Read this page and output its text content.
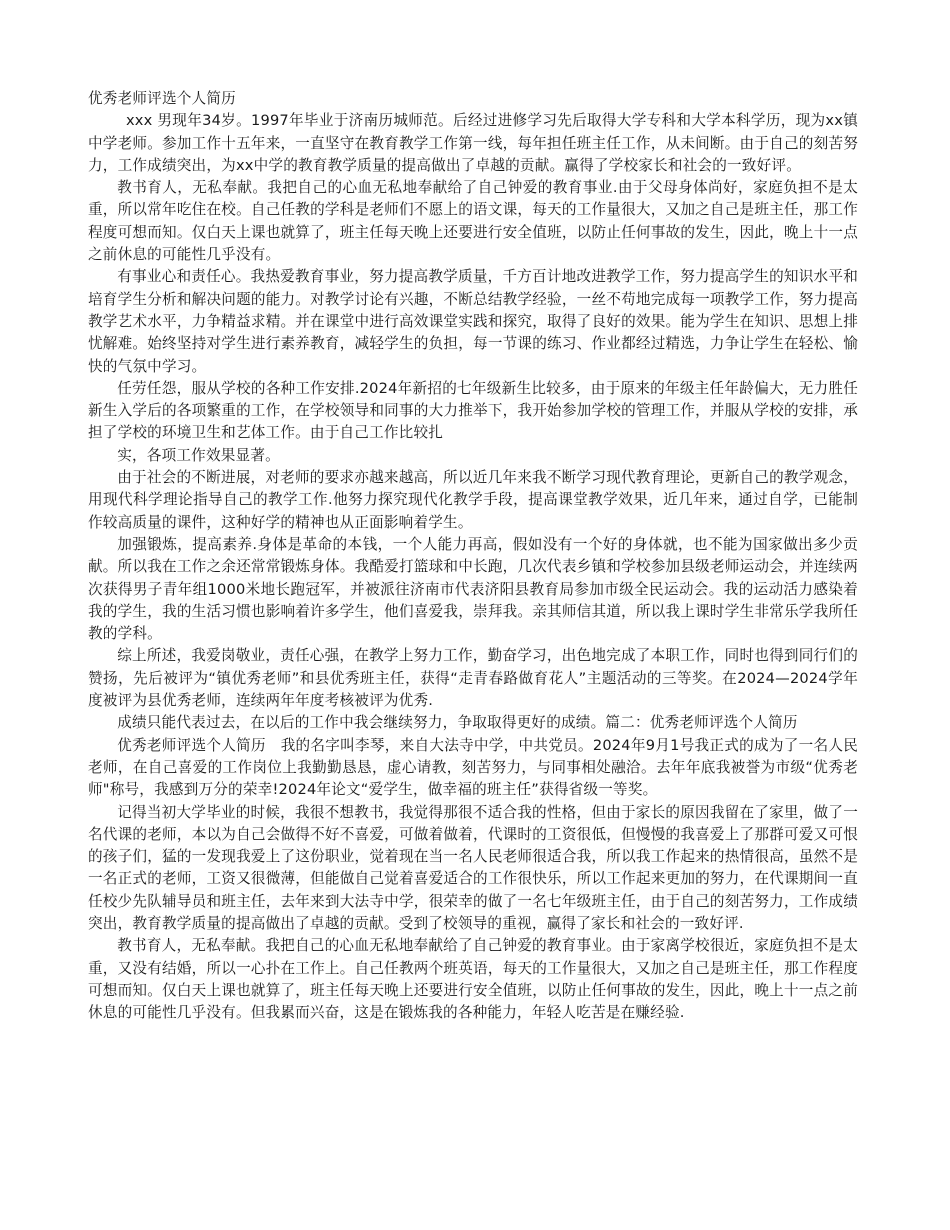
优秀老师评选个人简历

xxx 男现年34岁。1997年毕业于济南历城师范。后经过进修学习先后取得大学专科和大学本科学历，现为xx镇中学老师。参加工作十五年来，一直坚守在教育教学工作第一线，每年担任班主任工作，从未间断。由于自己的刻苦努力，工作成绩突出，为xx中学的教育教学质量的提高做出了卓越的贡献。赢得了学校家长和社会的一致好评。

教书育人，无私奉献。我把自己的心血无私地奉献给了自己钟爱的教育事业.由于父母身体尚好，家庭负担不是太重，所以常年吃住在校。自己任教的学科是老师们不愿上的语文课，每天的工作量很大，又加之自己是班主任，那工作程度可想而知。仅白天上课也就算了，班主任每天晚上还要进行安全值班，以防止任何事故的发生，因此，晚上十一点之前休息的可能性几乎没有。

有事业心和责任心。我热爱教育事业，努力提高教学质量，千方百计地改进教学工作，努力提高学生的知识水平和培育学生分析和解决问题的能力。对教学讨论有兴趣，不断总结教学经验，一丝不苟地完成每一项教学工作，努力提高教学艺术水平，力争精益求精。并在课堂中进行高效课堂实践和探究，取得了良好的效果。能为学生在知识、思想上排忧解难。始终坚持对学生进行素养教育，减轻学生的负担，每一节课的练习、作业都经过精选，力争让学生在轻松、愉快的气氛中学习。

任劳任怨，服从学校的各种工作安排.2024年新招的七年级新生比较多，由于原来的年级主任年龄偏大，无力胜任新生入学后的各项繁重的工作，在学校领导和同事的大力推举下，我开始参加学校的管理工作，并服从学校的安排，承担了学校的环境卫生和艺体工作。由于自己工作比较扎

实，各项工作效果显著。

由于社会的不断进展，对老师的要求亦越来越高，所以近几年来我不断学习现代教育理论，更新自己的教学观念，用现代科学理论指导自己的教学工作.他努力探究现代化教学手段，提高课堂教学效果，近几年来，通过自学，已能制作较高质量的课件，这种好学的精神也从正面影响着学生。

加强锻炼，提高素养.身体是革命的本钱，一个人能力再高，假如没有一个好的身体就，也不能为国家做出多少贡献。所以我在工作之余还常常锻炼身体。我酷爱打篮球和中长跑，几次代表乡镇和学校参加县级老师运动会，并连续两次获得男子青年组1000米地长跑冠军，并被派往济南市代表济阳县教育局参加市级全民运动会。我的运动活力感染着我的学生，我的生活习惯也影响着许多学生，他们喜爱我，崇拜我。亲其师信其道，所以我上课时学生非常乐学我所任教的学科。

综上所述，我爱岗敬业，责任心强，在教学上努力工作，勤奋学习，出色地完成了本职工作，同时也得到同行们的赞扬，先后被评为“镇优秀老师”和县优秀班主任，获得“走青春路做育花人”主题活动的三等奖。在2024—2024学年度被评为县优秀老师，连续两年年度考核被评为优秀.

成绩只能代表过去，在以后的工作中我会继续努力，争取取得更好的成绩。篇二：优秀老师评选个人简历

优秀老师评选个人简历　我的名字叫李琴，来自大法寺中学，中共党员。2024年9月1号我正式的成为了一名人民老师，在自己喜爱的工作岗位上我勤勤恳恳，虚心请教，刻苦努力，与同事相处融洽。去年年底我被誉为市级“优秀老师"称号，我感到万分的荣幸!2024年论文“爱学生，做幸福的班主任”获得省级一等奖。

记得当初大学毕业的时候，我很不想教书，我觉得那很不适合我的性格，但由于家长的原因我留在了家里，做了一名代课的老师，本以为自己会做得不好不喜爱，可做着做着，代课时的工资很低，但慢慢的我喜爱上了那群可爱又可恨的孩子们，猛的一发现我爱上了这份职业，觉着现在当一名人民老师很适合我，所以我工作起来的热情很高，虽然不是一名正式的老师，工资又很微薄，但能做自己觉着喜爱适合的工作很快乐，所以工作起来更加的努力，在代课期间一直任校少先队辅导员和班主任，去年来到大法寺中学，很荣幸的做了一名七年级班主任，由于自己的刻苦努力，工作成绩突出，教育教学质量的提高做出了卓越的贡献。受到了校领导的重视，赢得了家长和社会的一致好评.

教书育人，无私奉献。我把自己的心血无私地奉献给了自己钟爱的教育事业。由于家离学校很近，家庭负担不是太重，又没有结婚，所以一心扑在工作上。自己任教两个班英语，每天的工作量很大，又加之自己是班主任，那工作程度可想而知。仅白天上课也就算了，班主任每天晚上还要进行安全值班，以防止任何事故的发生，因此，晚上十一点之前休息的可能性几乎没有。但我累而兴奋，这是在锻炼我的各种能力，年轻人吃苦是在赚经验.
